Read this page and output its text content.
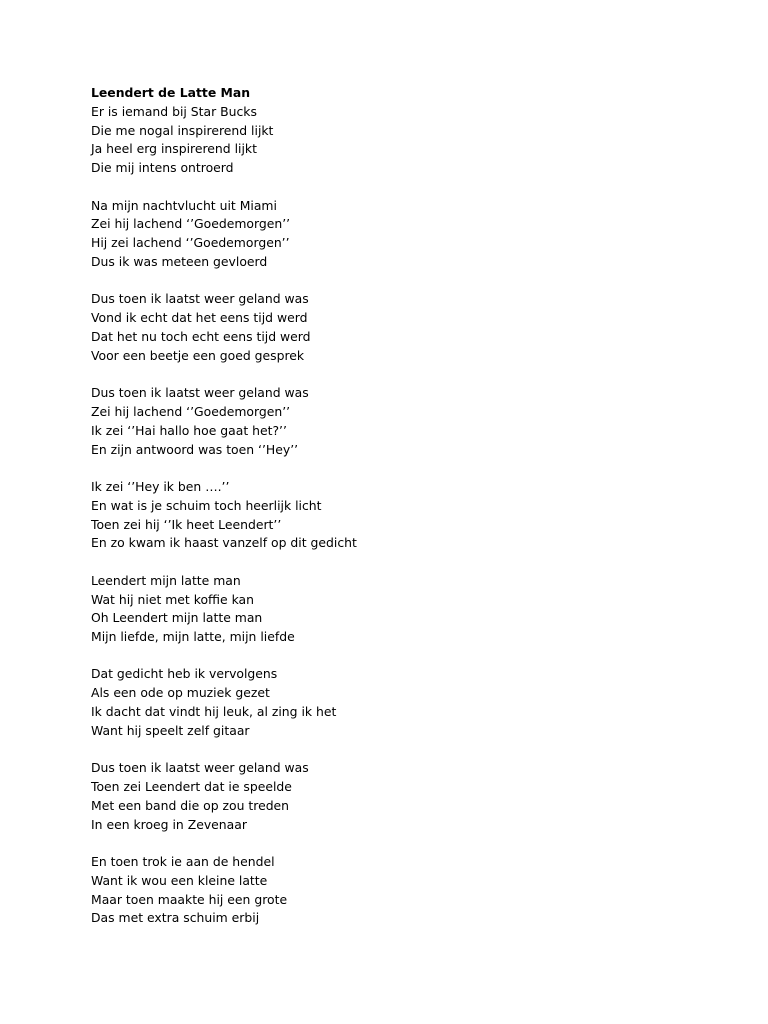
Leendert de Latte Man
Er is iemand bij Star Bucks
Die me nogal inspirerend lijkt
Ja heel erg inspirerend lijkt
Die mij intens ontroerd
Na mijn nachtvlucht uit Miami
Zei hij lachend ‘’Goedemorgen’’
Hij zei lachend ‘’Goedemorgen’’
Dus ik was meteen gevloerd
Dus toen ik laatst weer geland was
Vond ik echt dat het eens tijd werd
Dat het nu toch echt eens tijd werd
Voor een beetje een goed gesprek
Dus toen ik laatst weer geland was
Zei hij lachend ‘’Goedemorgen’’
Ik zei ‘’Hai hallo hoe gaat het?’’
En zijn antwoord was toen ‘’Hey’’
Ik zei ‘’Hey ik ben ….’’
En wat is je schuim toch heerlijk licht
Toen zei hij ‘’Ik heet Leendert’’
En zo kwam ik haast vanzelf op dit gedicht
Leendert mijn latte man
Wat hij niet met koffie kan
Oh Leendert mijn latte man
Mijn liefde, mijn latte, mijn liefde
Dat gedicht heb ik vervolgens
Als een ode op muziek gezet
Ik dacht dat vindt hij leuk, al zing ik het
Want hij speelt zelf gitaar
Dus toen ik laatst weer geland was
Toen zei Leendert dat ie speelde
Met een band die op zou treden
In een kroeg in Zevenaar
En toen trok ie aan de hendel
Want ik wou een kleine latte
Maar toen maakte hij een grote
Das met extra schuim erbij
